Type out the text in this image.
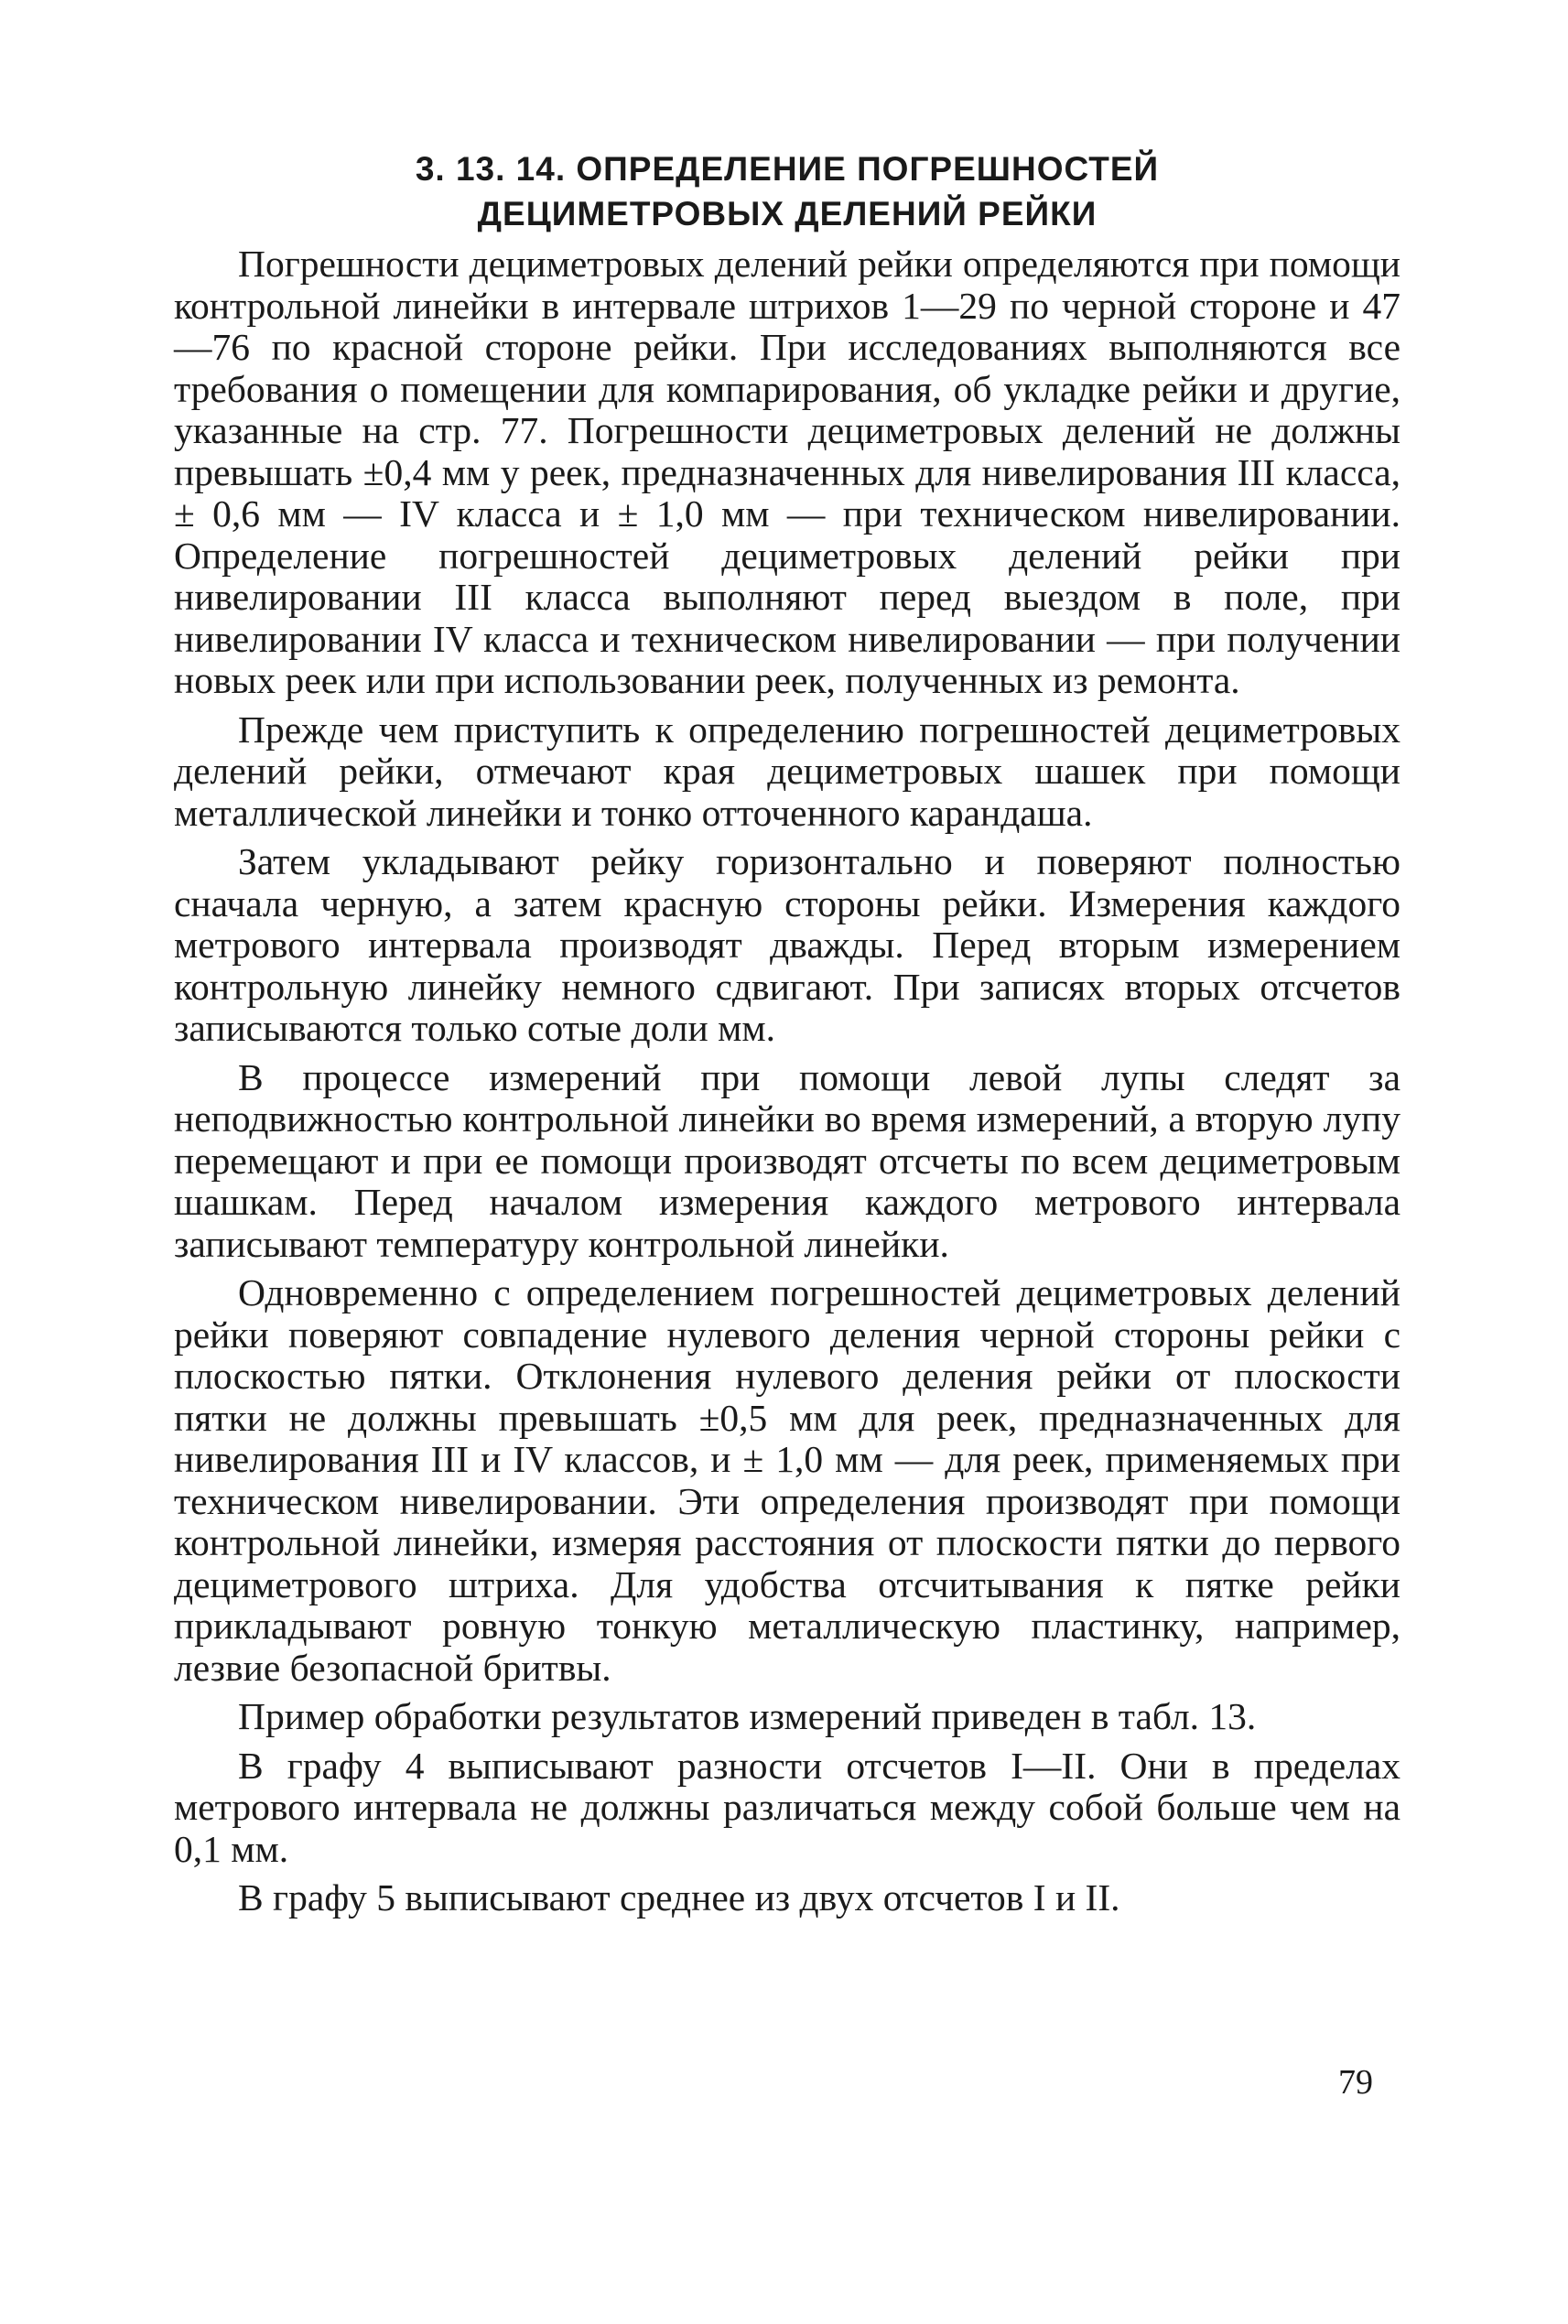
3. 13. 14. ОПРЕДЕЛЕНИЕ ПОГРЕШНОСТЕЙ
ДЕЦИМЕТРОВЫХ ДЕЛЕНИЙ РЕЙКИ

Погрешности дециметровых делений рейки определяются при помощи контрольной линейки в интервале штрихов 1—29 по черной стороне и 47—76 по красной стороне рейки. При исследованиях выполняются все требования о помещении для компарирования, об укладке рейки и другие, указанные на стр. 77. Погрешности дециметровых делений не должны превышать ±0,4 мм у реек, предназначенных для нивелирования III класса, ± 0,6 мм — IV класса и ± 1,0 мм — при техническом нивелировании. Определение погрешностей дециметровых делений рейки при нивелировании III класса выполняют перед выездом в поле, при нивелировании IV класса и техническом нивелировании — при получении новых реек или при использовании реек, полученных из ремонта.

Прежде чем приступить к определению погрешностей дециметровых делений рейки, отмечают края дециметровых шашек при помощи металлической линейки и тонко отточенного карандаша.

Затем укладывают рейку горизонтально и поверяют полностью сначала черную, а затем красную стороны рейки. Измерения каждого метрового интервала производят дважды. Перед вторым измерением контрольную линейку немного сдвигают. При записях вторых отсчетов записываются только сотые доли мм.

В процессе измерений при помощи левой лупы следят за неподвижностью контрольной линейки во время измерений, а вторую лупу перемещают и при ее помощи производят отсчеты по всем дециметровым шашкам. Перед началом измерения каждого метрового интервала записывают температуру контрольной линейки.

Одновременно с определением погрешностей дециметровых делений рейки поверяют совпадение нулевого деления черной стороны рейки с плоскостью пятки. Отклонения нулевого деления рейки от плоскости пятки не должны превышать ±0,5 мм для реек, предназначенных для нивелирования III и IV классов, и ± 1,0 мм — для реек, применяемых при техническом нивелировании. Эти определения производят при помощи контрольной линейки, измеряя расстояния от плоскости пятки до первого дециметрового штриха. Для удобства отсчитывания к пятке рейки прикладывают ровную тонкую металлическую пластинку, например, лезвие безопасной бритвы.

Пример обработки результатов измерений приведен в табл. 13.

В графу 4 выписывают разности отсчетов I—II. Они в пределах метрового интервала не должны различаться между собой больше чем на 0,1 мм.

В графу 5 выписывают среднее из двух отсчетов I и II.

79
